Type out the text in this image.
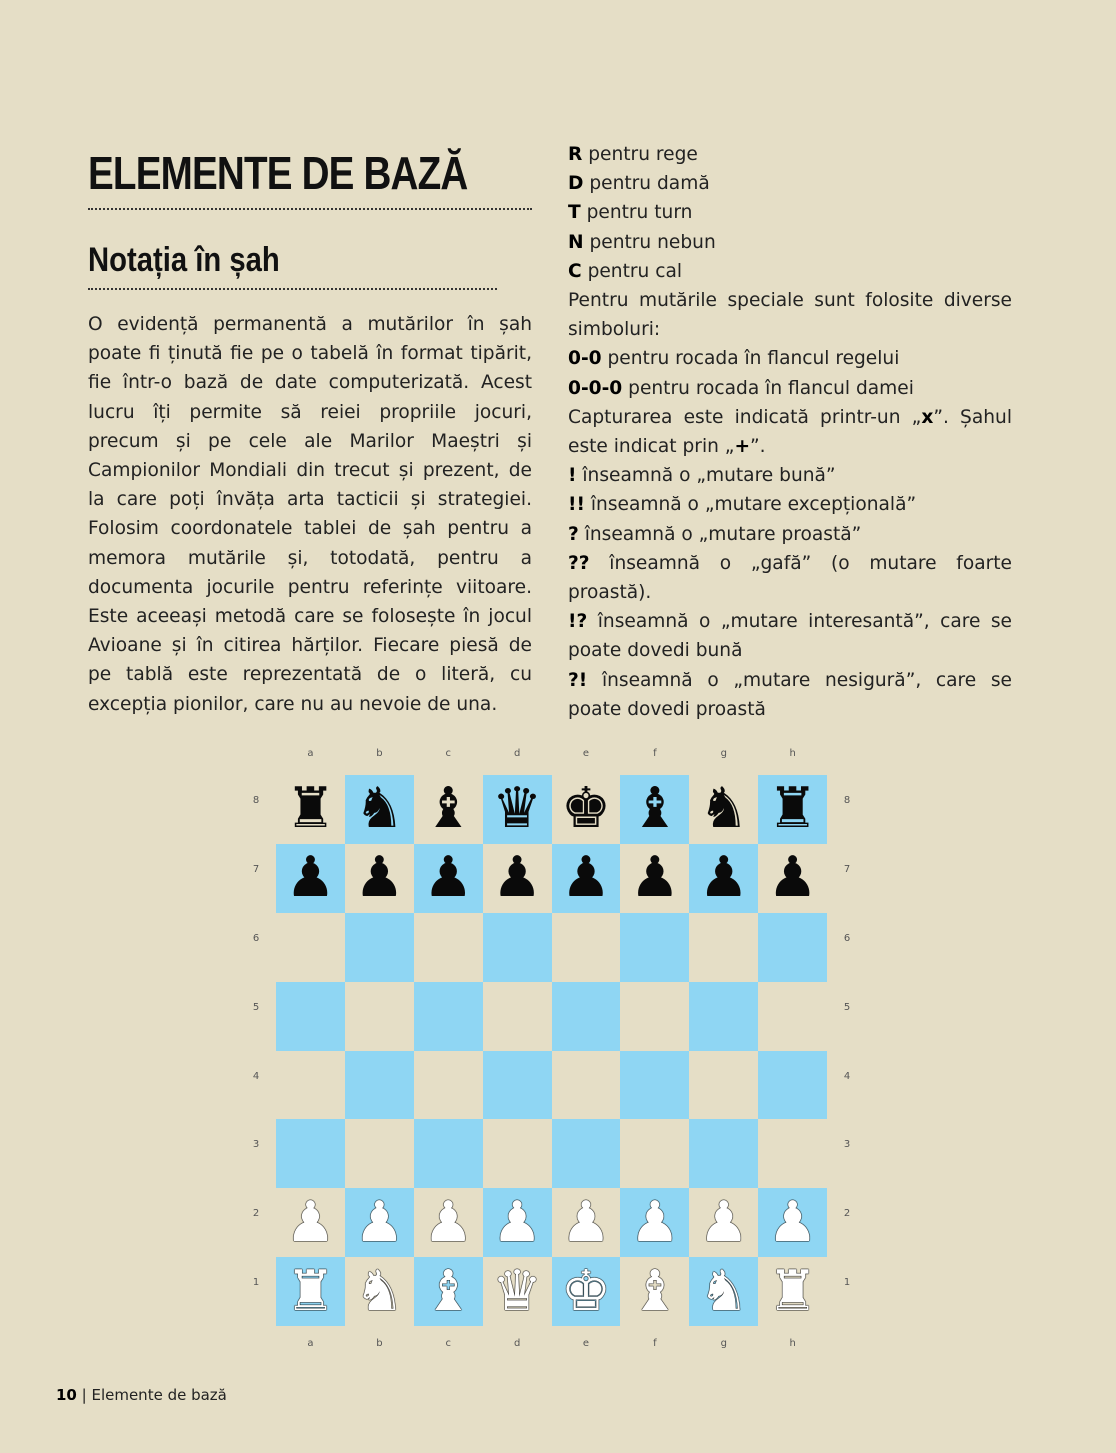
ELEMENTE DE BAZĂ
Notația în șah

O evidență permanentă a mutărilor în șah poate fi ținută fie pe o tabelă în format tipărit, fie într-o bază de date computerizată. Acest lucru îți permite să reiei propriile jocuri, precum și pe cele ale Marilor Maeștri și Campionilor Mondiali din trecut și prezent, de la care poți învăța arta tacticii și strategiei. Folosim coordonatele tablei de șah pentru a memora mutările și, totodată, pentru a documenta jocurile pentru referințe viitoare. Este aceeași metodă care se folosește în jocul Avioane și în citirea hărților. Fiecare piesă de pe tablă este reprezentată de o literă, cu excepția pionilor, care nu au nevoie de una.

R pentru rege
D pentru damă
T pentru turn
N pentru nebun
C pentru cal
Pentru mutările speciale sunt folosite diverse simboluri:
0-0 pentru rocada în flancul regelui
0-0-0 pentru rocada în flancul damei
Capturarea este indicată printr-un „x”. Șahul este indicat prin „+”.
! înseamnă o „mutare bună”
!! înseamnă o „mutare excepțională”
? înseamnă o „mutare proastă”
?? înseamnă o „gafă” (o mutare foarte proastă).
!? înseamnă o „mutare interesantă”, care se poate dovedi bună
?! înseamnă o „mutare nesigură”, care se poate dovedi proastă
♜ ♞ ♝ ♛ ♚ ♝ ♞ ♜
♟ ♟ ♟ ♟ ♟ ♟ ♟ ♟
♟ ♟ ♟ ♟ ♟ ♟ ♟ ♟
♜ ♞ ♝ ♛ ♚ ♝ ♞ ♜
a
a
b
b
c
c
d
d
e
e
f
f
g
g
h
h
8	8
7	7
6	6
5	5
4	4
3	3
2	2
1	1
10 | Elemente de bază
